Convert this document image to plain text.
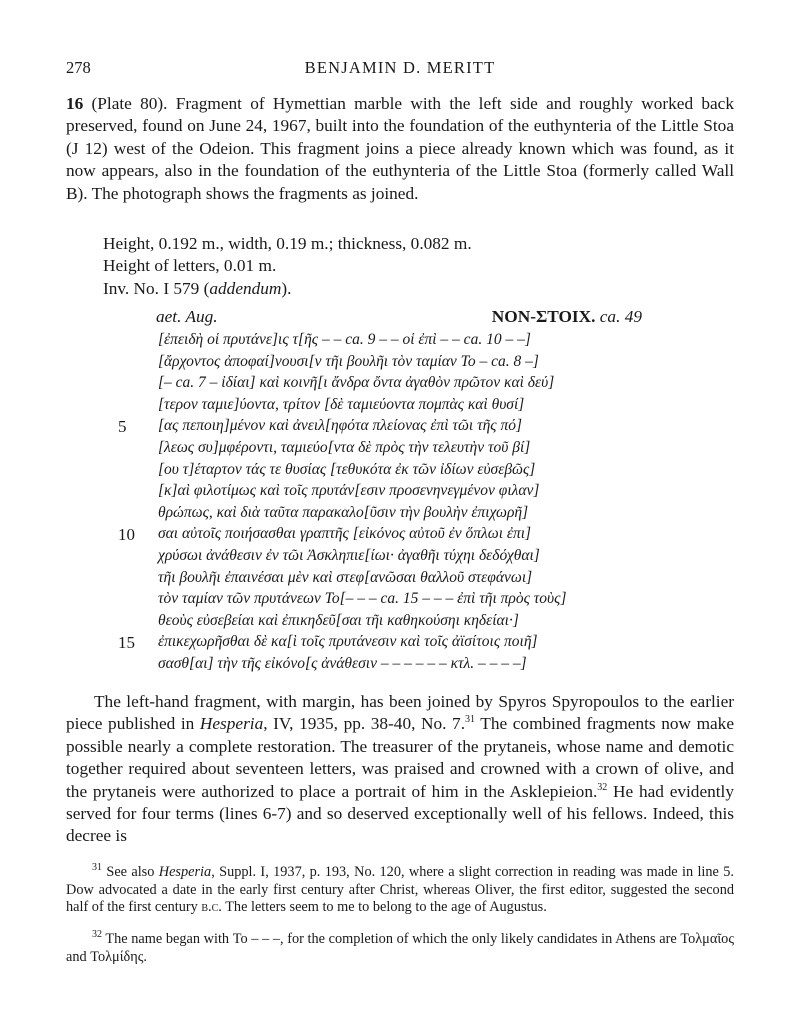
278	BENJAMIN D. MERITT
16 (Plate 80). Fragment of Hymettian marble with the left side and roughly worked back preserved, found on June 24, 1967, built into the foundation of the euthynteria of the Little Stoa (J 12) west of the Odeion. This fragment joins a piece already known which was found, as it now appears, also in the foundation of the euthynteria of the Little Stoa (formerly called Wall B). The photograph shows the fragments as joined.
Height, 0.192 m., width, 0.19 m.; thickness, 0.082 m.
Height of letters, 0.01 m.
Inv. No. I 579 (addendum).
aet. Aug.	NON-ΣTOIX. ca. 49
[ἐπειδὴ οἱ πρυτάνε]ις τ[ῆς – – ca. 9 – – οἱ ἐπὶ – – ca. 10 – –]
[ἄρχοντος ἀποφαί]νουσι[ν τῆι βουλῆι τὸν ταμίαν Το – ca. 8 –]
[– ca. 7 – ἰδίαι] καὶ κοινῆ[ι ἄνδρα ὄντα ἀγαθὸν πρῶτον καὶ δεύ]
[τερον ταμιε]ύοντα, τρίτον [δὲ ταμιεύοντα πομπὰς καὶ θυσί]
5	[ας πεποιη]μένον καὶ ἀνειλ[ηφότα πλείονας ἐπὶ τῶι τῆς πό]
[λεως συ]μφέροντι, ταμιεύο[ντα δὲ πρὸς τὴν τελευτὴν τοῦ βί]
[ου τ]έταρτον τάς τε θυσίας [τεθυκότα ἐκ τῶν ἰδίων εὐσεβῶς]
[κ]αὶ φιλοτίμως καὶ τοῖς πρυτάν[εσιν προσενηνεγμένον φιλαν]
θρώπως, καὶ διὰ ταῦτα παρακαλο[ῦσιν τὴν βουλὴν ἐπιχωρῆ]
10 σαι αὐτοῖς ποιήσασθαι γραπτῆς [εἰκόνος αὐτοῦ ἐν ὅπλωι ἐπι]
χρύσωι ἀνάθεσιν ἐν τῶι Ἀσκληπιε[ίωι· ἀγαθῆι τύχηι δεδόχθαι]
τῆι βουλῆι ἐπαινέσαι μὲν καὶ στεφ[ανῶσαι θαλλοῦ στεφάνωι]
τὸν ταμίαν τῶν πρυτάνεων Το[– – – ca. 15 – – – ἐπὶ τῆι πρὸς τοὺς]
θεοὺς εὐσεβείαι καὶ ἐπικηδεῦ[σαι τῆι καθηκούσηι κηδείαι·]
15 ἐπικεχωρῆσθαι δὲ κα[ὶ τοῖς πρυτάνεσιν καὶ τοῖς ἀϊσίτοις ποιῆ]
σασθ[αι] τὴν τῆς εἰκόνο[ς ἀνάθεσιν – – – – – – κτλ. – – – –]
The left-hand fragment, with margin, has been joined by Spyros Spyropoulos to the earlier piece published in Hesperia, IV, 1935, pp. 38-40, No. 7.31 The combined fragments now make possible nearly a complete restoration. The treasurer of the prytaneis, whose name and demotic together required about seventeen letters, was praised and crowned with a crown of olive, and the prytaneis were authorized to place a portrait of him in the Asklepieion.$^{32}$ He had evidently served for four terms (lines 6-7) and so deserved exceptionally well of his fellows. Indeed, this decree is
$^{31}$ See also Hesperia, Suppl. I, 1937, p. 193, No. 120, where a slight correction in reading was made in line 5. Dow advocated a date in the early first century after Christ, whereas Oliver, the first editor, suggested the second half of the first century b.c. The letters seem to me to belong to the age of Augustus.
$^{32}$ The name began with Το – – –, for the completion of which the only likely candidates in Athens are Τολμαῖος and Τολμίδης.
